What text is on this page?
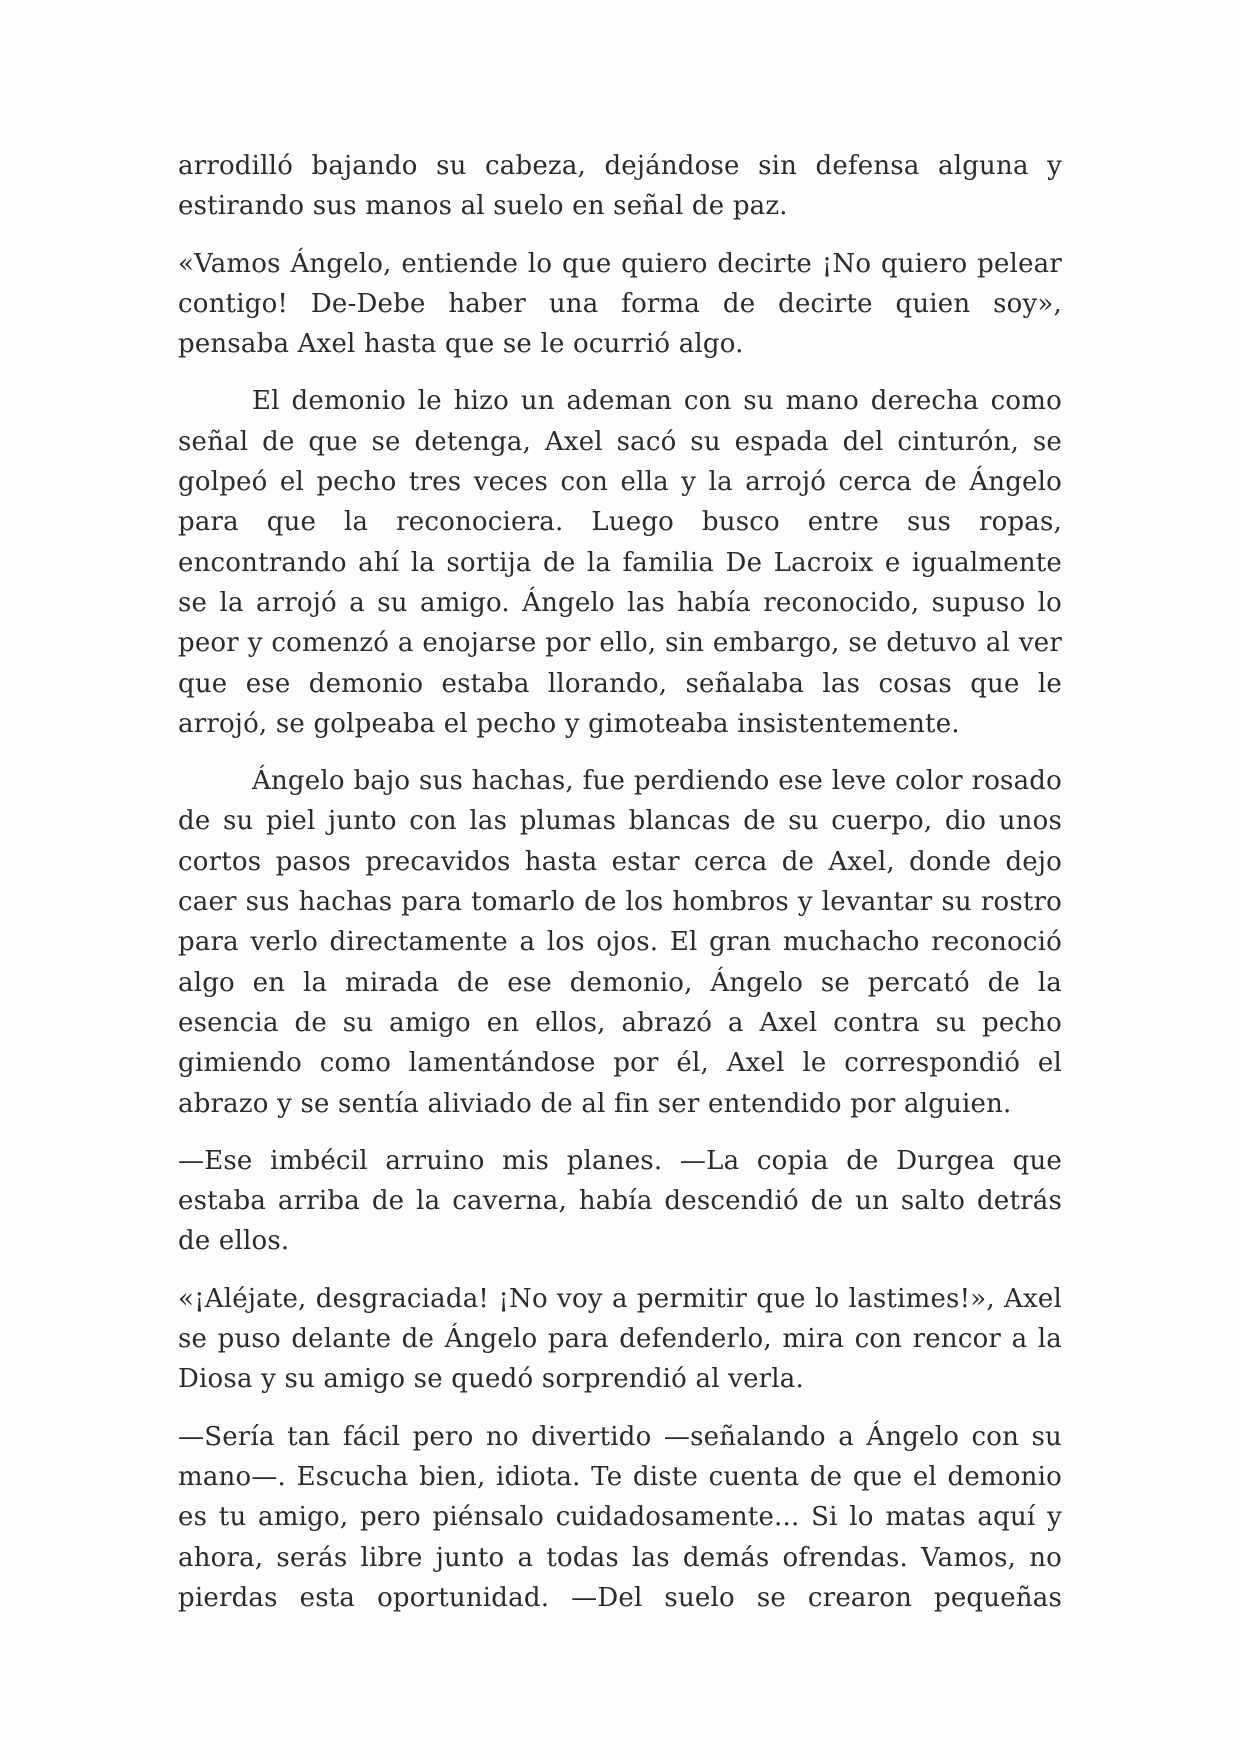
arrodilló bajando su cabeza, dejándose sin defensa alguna y estirando sus manos al suelo en señal de paz.

«Vamos Ángelo, entiende lo que quiero decirte ¡No quiero pelear contigo! De-Debe haber una forma de decirte quien soy», pensaba Axel hasta que se le ocurrió algo.

El demonio le hizo un ademan con su mano derecha como señal de que se detenga, Axel sacó su espada del cinturón, se golpeó el pecho tres veces con ella y la arrojó cerca de Ángelo para que la reconociera. Luego busco entre sus ropas, encontrando ahí la sortija de la familia De Lacroix e igualmente se la arrojó a su amigo. Ángelo las había reconocido, supuso lo peor y comenzó a enojarse por ello, sin embargo, se detuvo al ver que ese demonio estaba llorando, señalaba las cosas que le arrojó, se golpeaba el pecho y gimoteaba insistentemente.

Ángelo bajo sus hachas, fue perdiendo ese leve color rosado de su piel junto con las plumas blancas de su cuerpo, dio unos cortos pasos precavidos hasta estar cerca de Axel, donde dejo caer sus hachas para tomarlo de los hombros y levantar su rostro para verlo directamente a los ojos. El gran muchacho reconoció algo en la mirada de ese demonio, Ángelo se percató de la esencia de su amigo en ellos, abrazó a Axel contra su pecho gimiendo como lamentándose por él, Axel le correspondió el abrazo y se sentía aliviado de al fin ser entendido por alguien.

—Ese imbécil arruino mis planes. —La copia de Durgea que estaba arriba de la caverna, había descendió de un salto detrás de ellos.

«¡Aléjate, desgraciada! ¡No voy a permitir que lo lastimes!», Axel se puso delante de Ángelo para defenderlo, mira con rencor a la Diosa y su amigo se quedó sorprendió al verla.

—Sería tan fácil pero no divertido —señalando a Ángelo con su mano—. Escucha bien, idiota. Te diste cuenta de que el demonio es tu amigo, pero piénsalo cuidadosamente... Si lo matas aquí y ahora, serás libre junto a todas las demás ofrendas. Vamos, no pierdas esta oportunidad. —Del suelo se crearon pequeñas
